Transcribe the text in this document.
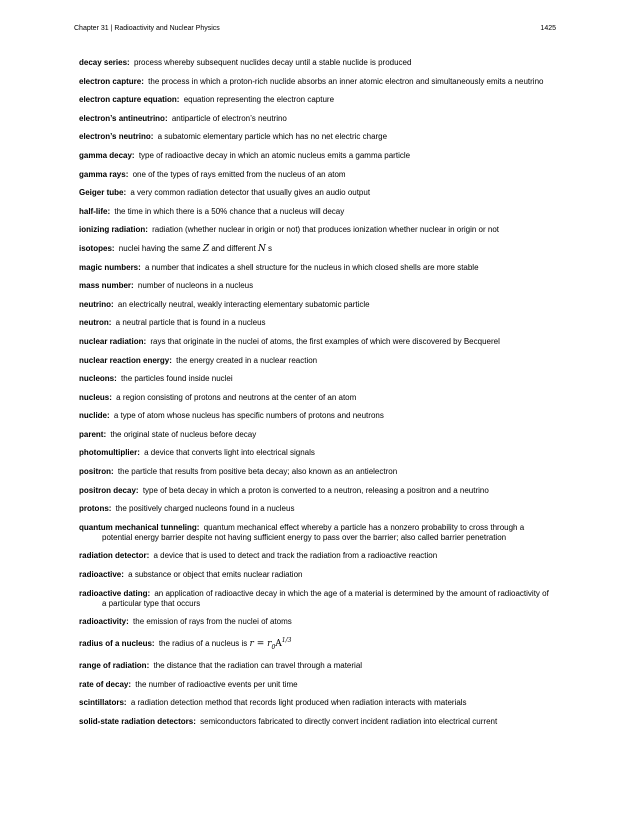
Chapter 31 | Radioactivity and Nuclear Physics	1425
decay series: process whereby subsequent nuclides decay until a stable nuclide is produced
electron capture: the process in which a proton-rich nuclide absorbs an inner atomic electron and simultaneously emits a neutrino
electron capture equation: equation representing the electron capture
electron’s antineutrino: antiparticle of electron’s neutrino
electron’s neutrino: a subatomic elementary particle which has no net electric charge
gamma decay: type of radioactive decay in which an atomic nucleus emits a gamma particle
gamma rays: one of the types of rays emitted from the nucleus of an atom
Geiger tube: a very common radiation detector that usually gives an audio output
half-life: the time in which there is a 50% chance that a nucleus will decay
ionizing radiation: radiation (whether nuclear in origin or not) that produces ionization whether nuclear in origin or not
isotopes: nuclei having the same Z and different N s
magic numbers: a number that indicates a shell structure for the nucleus in which closed shells are more stable
mass number: number of nucleons in a nucleus
neutrino: an electrically neutral, weakly interacting elementary subatomic particle
neutron: a neutral particle that is found in a nucleus
nuclear radiation: rays that originate in the nuclei of atoms, the first examples of which were discovered by Becquerel
nuclear reaction energy: the energy created in a nuclear reaction
nucleons: the particles found inside nuclei
nucleus: a region consisting of protons and neutrons at the center of an atom
nuclide: a type of atom whose nucleus has specific numbers of protons and neutrons
parent: the original state of nucleus before decay
photomultiplier: a device that converts light into electrical signals
positron: the particle that results from positive beta decay; also known as an antielectron
positron decay: type of beta decay in which a proton is converted to a neutron, releasing a positron and a neutrino
protons: the positively charged nucleons found in a nucleus
quantum mechanical tunneling: quantum mechanical effect whereby a particle has a nonzero probability to cross through a potential energy barrier despite not having sufficient energy to pass over the barrier; also called barrier penetration
radiation detector: a device that is used to detect and track the radiation from a radioactive reaction
radioactive: a substance or object that emits nuclear radiation
radioactive dating: an application of radioactive decay in which the age of a material is determined by the amount of radioactivity of a particular type that occurs
radioactivity: the emission of rays from the nuclei of atoms
radius of a nucleus: the radius of a nucleus is $r = r_0A^{1/3}$
range of radiation: the distance that the radiation can travel through a material
rate of decay: the number of radioactive events per unit time
scintillators: a radiation detection method that records light produced when radiation interacts with materials
solid-state radiation detectors: semiconductors fabricated to directly convert incident radiation into electrical current
